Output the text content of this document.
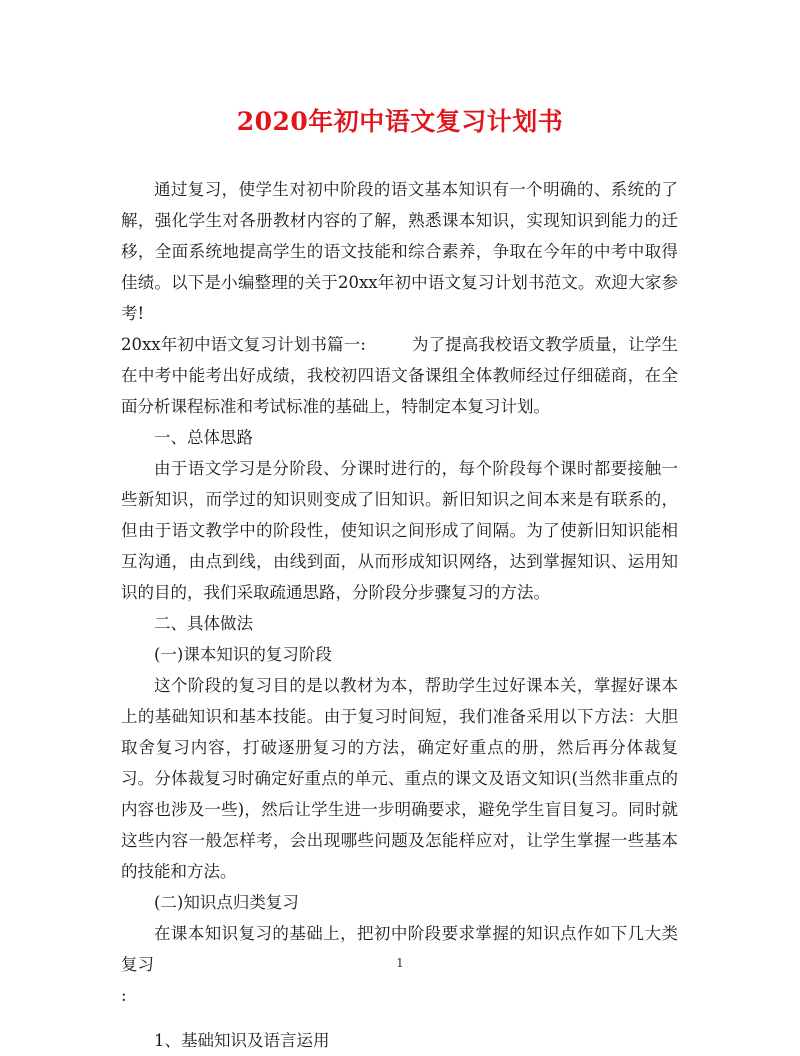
2020年初中语文复习计划书

通过复习，使学生对初中阶段的语文基本知识有一个明确的、系统的了解，强化学生对各册教材内容的了解，熟悉课本知识，实现知识到能力的迁移，全面系统地提高学生的语文技能和综合素养，争取在今年的中考中取得佳绩。以下是小编整理的关于20xx年初中语文复习计划书范文。欢迎大家参考!

20xx年初中语文复习计划书篇一:	为了提高我校语文教学质量，让学生在中考中能考出好成绩，我校初四语文备课组全体教师经过仔细磋商，在全面分析课程标准和考试标准的基础上，特制定本复习计划。

一、总体思路

由于语文学习是分阶段、分课时进行的，每个阶段每个课时都要接触一些新知识，而学过的知识则变成了旧知识。新旧知识之间本来是有联系的，但由于语文教学中的阶段性，使知识之间形成了间隔。为了使新旧知识能相互沟通，由点到线，由线到面，从而形成知识网络，达到掌握知识、运用知识的目的，我们采取疏通思路，分阶段分步骤复习的方法。

二、具体做法

(一)课本知识的复习阶段

这个阶段的复习目的是以教材为本，帮助学生过好课本关，掌握好课本上的基础知识和基本技能。由于复习时间短，我们准备采用以下方法：大胆取舍复习内容，打破逐册复习的方法，确定好重点的册，然后再分体裁复习。分体裁复习时确定好重点的单元、重点的课文及语文知识(当然非重点的内容也涉及一些)，然后让学生进一步明确要求，避免学生盲目复习。同时就这些内容一般怎样考，会出现哪些问题及怎能样应对，让学生掌握一些基本的技能和方法。

(二)知识点归类复习

在课本知识复习的基础上，把初中阶段要求掌握的知识点作如下几大类复习

:

1、基础知识及语言运用

1
